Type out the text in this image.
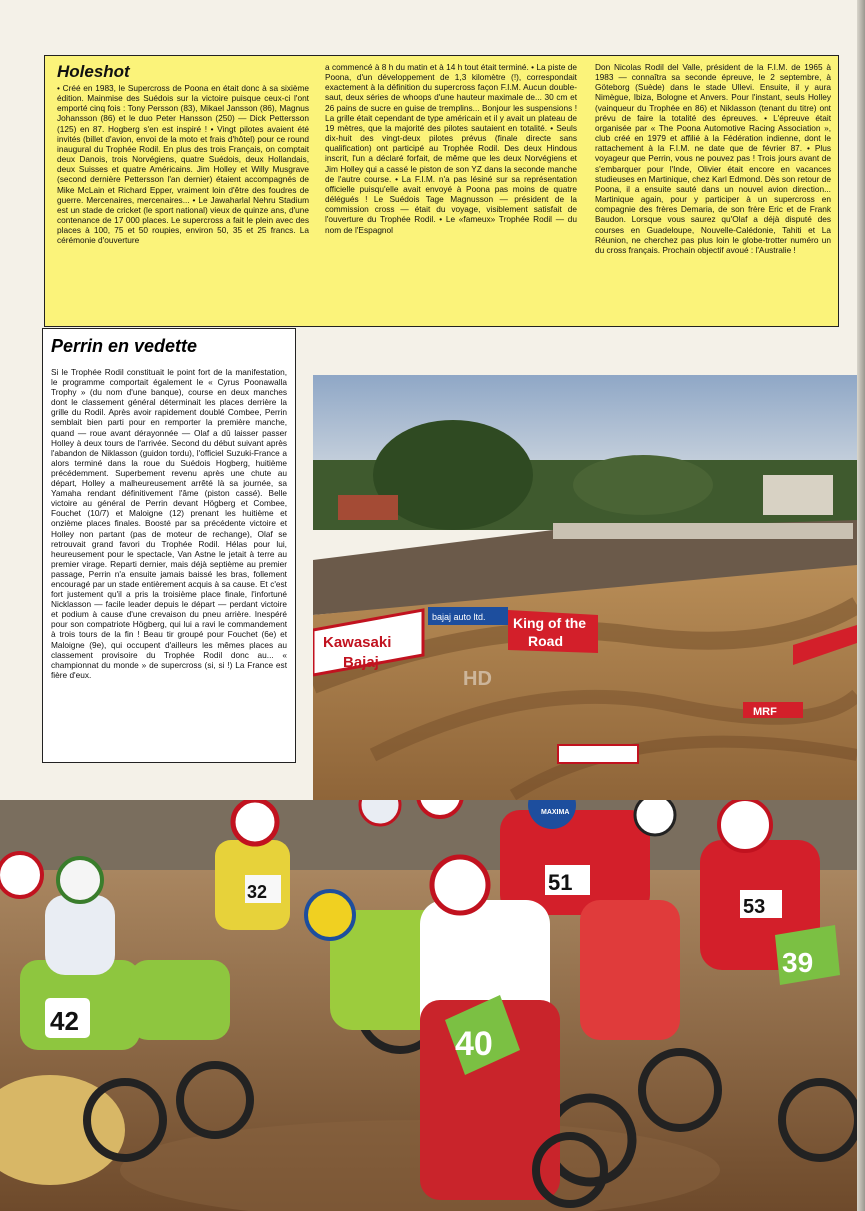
Holeshot

• Créé en 1983, le Supercross de Poona en était donc à sa sixième édition. Mainmise des Suédois sur la victoire puisque ceux-ci l'ont emporté cinq fois : Tony Persson (83), Mikael Jansson (86), Magnus Johansson (86) et le duo Peter Hansson (250) — Dick Pettersson (125) en 87. Hogberg s'en est inspiré ! • Vingt pilotes avaient été invités (billet d'avion, envoi de la moto et frais d'hôtel) pour ce round inaugural du Trophée Rodil. En plus des trois Français, on comptait deux Danois, trois Norvégiens, quatre Suédois, deux Hollandais, deux Suisses et quatre Américains. Jim Holley et Willy Musgrave (second dernière Pettersson l'an dernier) étaient accompagnés de Mike McLain et Richard Epper, vraiment loin d'être des foudres de guerre. Mercenaires, mercenaires... • Le Jawaharlal Nehru Stadium est un stade de cricket (le sport national) vieux de quinze ans, d'une contenance de 17 000 places. Le supercross a fait le plein avec des places à 100, 75 et 50 roupies, environ 50, 35 et 25 francs. La cérémonie d'ouverture

a commencé à 8 h du matin et à 14 h tout était terminé. • La piste de Poona, d'un développement de 1,3 kilomètre (!), correspondait exactement à la définition du supercross façon F.I.M. Aucun double-saut, deux séries de whoops d'une hauteur maximale de... 30 cm et 26 pains de sucre en guise de tremplins... Bonjour les suspensions ! La grille était cependant de type américain et il y avait un plateau de 19 mètres, que la majorité des pilotes sautaient en totalité. • Seuls dix-huit des vingt-deux pilotes prévus (finale directe sans qualification) ont participé au Trophée Rodil. Des deux Hindous inscrit, l'un a déclaré forfait, de même que les deux Norvégiens et Jim Holley qui a cassé le piston de son YZ dans la seconde manche de l'autre course. • La F.I.M. n'a pas lésiné sur sa représentation officielle puisqu'elle avait envoyé à Poona pas moins de quatre délégués ! Le Suédois Tage Magnusson — président de la commission cross — était du voyage, visiblement satisfait de l'ouverture du Trophée Rodil. • Le «fameux» Trophée Rodil — du nom de l'Espagnol

Don Nicolas Rodil del Valle, président de la F.I.M. de 1965 à 1983 — connaîtra sa seconde épreuve, le 2 septembre, à Göteborg (Suède) dans le stade Ullevi. Ensuite, il y aura Nimègue, Ibiza, Bologne et Anvers. Pour l'instant, seuls Holley (vainqueur du Trophée en 86) et Niklasson (tenant du titre) ont prévu de faire la totalité des épreuves. • L'épreuve était organisée par « The Poona Automotive Racing Association », club créé en 1979 et affilié à la Fédération indienne, dont le rattachement à la F.I.M. ne date que de février 87. • Plus voyageur que Perrin, vous ne pouvez pas ! Trois jours avant de s'embarquer pour l'Inde, Olivier était encore en vacances studieuses en Martinique, chez Karl Edmond. Dès son retour de Poona, il a ensuite sauté dans un nouvel avion direction... Martinique again, pour y participer à un supercross en compagnie des frères Demaria, de son frère Eric et de Frank Baudon. Lorsque vous saurez qu'Olaf a déjà disputé des courses en Guadeloupe, Nouvelle-Calédonie, Tahiti et La Réunion, ne cherchez pas plus loin le globe-trotter numéro un du cross français. Prochain objectif avoué : l'Australie !

Perrin en vedette

Si le Trophée Rodil constituait le point fort de la manifestation, le programme comportait également le « Cyrus Poonawalla Trophy » (du nom d'une banque), course en deux manches dont le classement général déterminait les places derrière la grille du Rodil. Après avoir rapidement doublé Combee, Perrin semblait bien parti pour en remporter la première manche, quand — roue avant dérayonnée — Olaf a dû laisser passer Holley à deux tours de l'arrivée. Second du début suivant après l'abandon de Niklasson (guidon tordu), l'officiel Suzuki-France a alors terminé dans la roue du Suédois Hogberg, huitième précédemment. Superbement revenu après une chute au départ, Holley a malheureusement arrêté là sa journée, sa Yamaha rendant définitivement l'âme (piston cassé). Belle victoire au général de Perrin devant Högberg et Combee, Fouchet (10/7) et Maloigne (12) prenant les huitième et onzième places finales. Boosté par sa précédente victoire et Holley non partant (pas de moteur de rechange), Olaf se retrouvait grand favori du Trophée Rodil. Hélas pour lui, heureusement pour le spectacle, Van Astne le jetait à terre au premier virage. Reparti dernier, mais déjà septième au premier passage, Perrin n'a ensuite jamais baissé les bras, follement encouragé par un stade entièrement acquis à sa cause. Et c'est fort justement qu'il a pris la troisième place finale, l'infortuné Nicklasson — facile leader depuis le départ — perdant victoire et podium à cause d'une crevaison du pneu arrière. Inespéré pour son compatriote Högberg, qui lui a ravi le commandement à trois tours de la fin ! Beau tir groupé pour Fouchet (6e) et Maloigne (9e), qui occupent d'ailleurs les mêmes places au classement provisoire du Trophée Rodil donc au... « championnat du monde » de supercross (si, si !) La France est fière d'eux.

Kawasaki
Bajaj
bajaj auto ltd. King of the
Road
MRF
HD
42
32
MAXIMA
51
40
53
39
